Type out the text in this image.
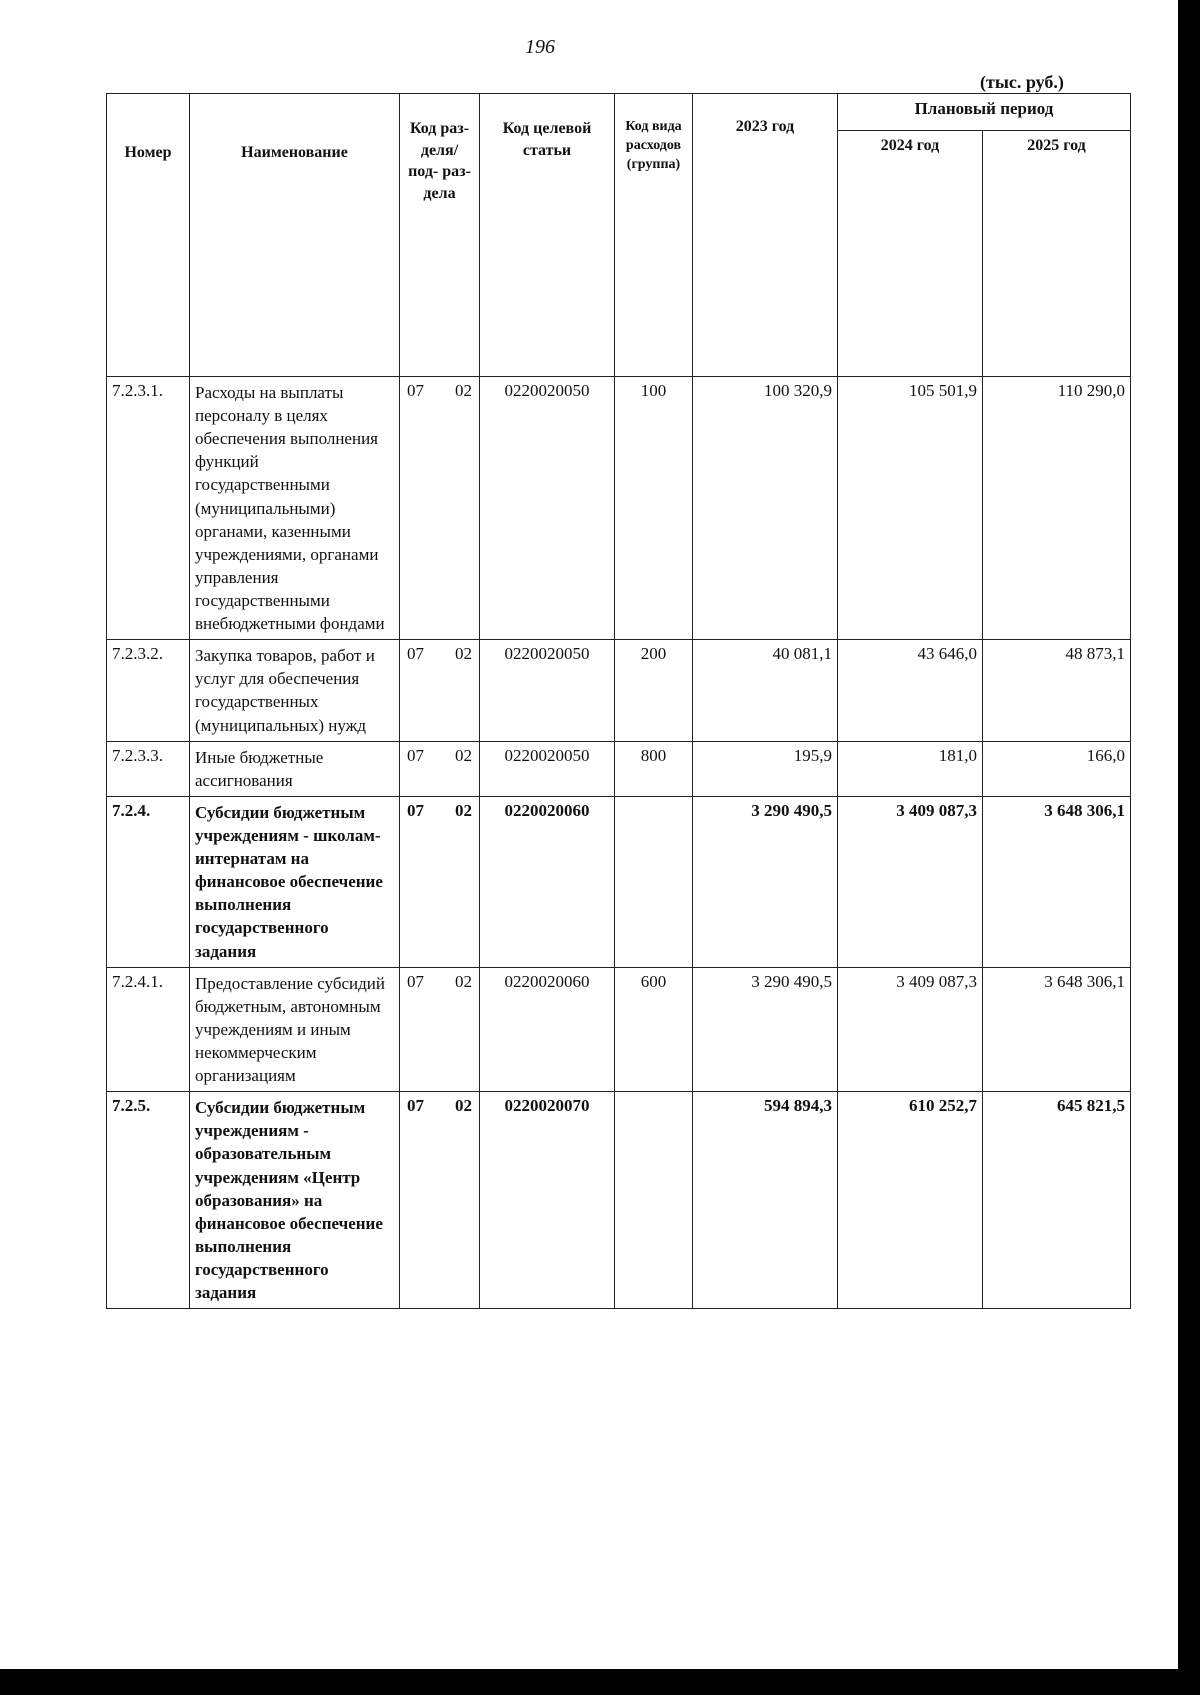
196
(тыс. руб.)
Номер	Наименование	Код раз- деля/ под- раз- дела	Код целевой статьи	Код вида расходов (группа)	2023 год	Плановый период	
						2024 год	2025 год
7.2.3.1.	Расходы на выплаты персоналу в целях обеспечения выполнения функций государственными (муниципальными) органами, казенными учреждениями, органами управления государственными внебюджетными фондами	07 02	0220020050	100	100 320,9	105 501,9	110 290,0
7.2.3.2.	Закупка товаров, работ и услуг для обеспечения государственных (муниципальных) нужд	07 02	0220020050	200	40 081,1	43 646,0	48 873,1
7.2.3.3.	Иные бюджетные ассигнования	07 02	0220020050	800	195,9	181,0	166,0
7.2.4.	Субсидии бюджетным учреждениям - школам-интернатам на финансовое обеспечение выполнения государственного задания	07 02	0220020060		3 290 490,5	3 409 087,3	3 648 306,1
7.2.4.1.	Предоставление субсидий бюджетным, автономным учреждениям и иным некоммерческим организациям	07 02	0220020060	600	3 290 490,5	3 409 087,3	3 648 306,1
7.2.5.	Субсидии бюджетным учреждениям - образовательным учреждениям «Центр образования» на финансовое обеспечение выполнения государственного задания	07 02	0220020070		594 894,3	610 252,7	645 821,5
